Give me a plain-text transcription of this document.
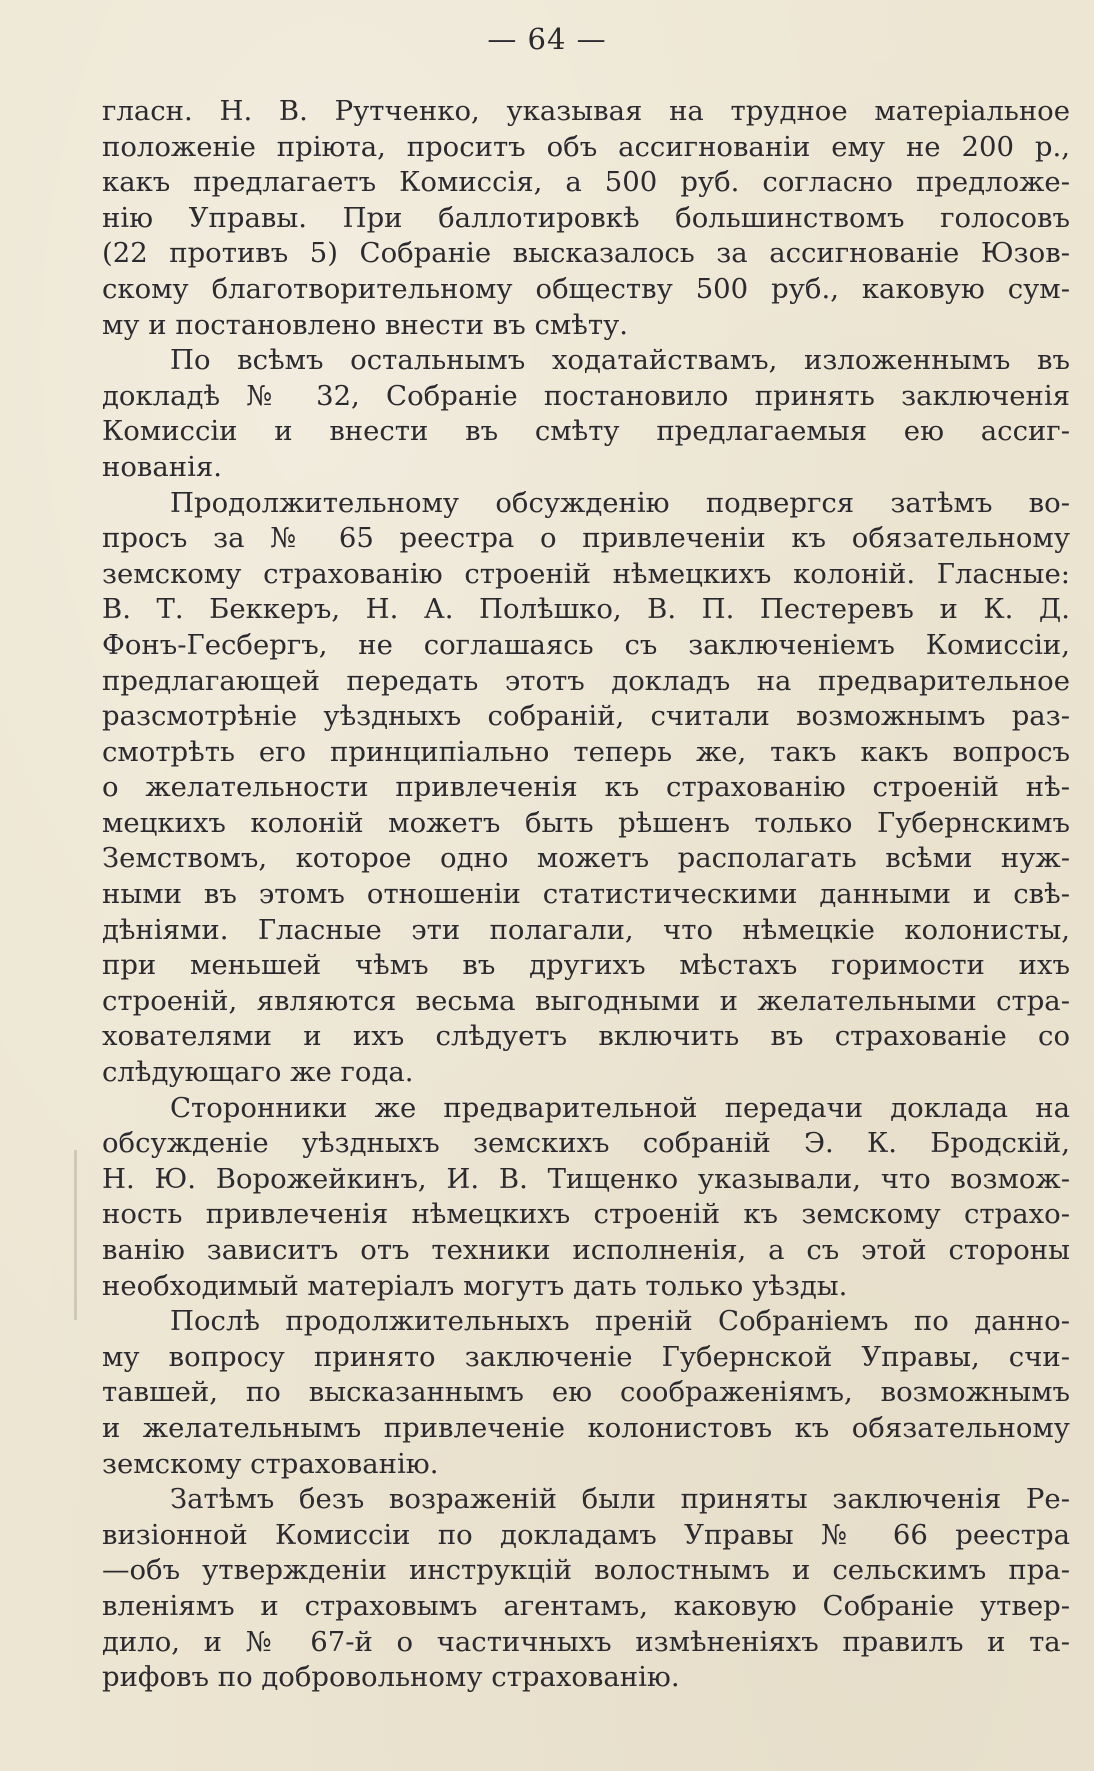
— 64 —
гласн. Н. В. Рутченко, указывая на трудное матеріальное
положеніе пріюта, проситъ объ ассигнованіи ему не 200 р.,
какъ предлагаетъ Комиссія, а 500 руб. согласно предложе-
нію Управы. При баллотировкѣ большинствомъ голосовъ
(22 противъ 5) Собраніе высказалось за ассигнованіе Юзов-
скому благотворительному обществу 500 руб., каковую сум-
му и постановлено внести въ смѣту.
По всѣмъ остальнымъ ходатайствамъ, изложеннымъ въ
докладѣ № 32, Собраніе постановило принять заключенія
Комиссіи и внести въ смѣту предлагаемыя ею ассиг-
нованія.
Продолжительному обсужденію подвергся затѣмъ во-
просъ за № 65 реестра о привлеченіи къ обязательному
земскому страхованію строеній нѣмецкихъ колоній. Гласные:
В. Т. Беккеръ, Н. А. Полѣшко, В. П. Пестеревъ и К. Д.
Фонъ-Гесбергъ, не соглашаясь съ заключеніемъ Комиссіи,
предлагающей передать этотъ докладъ на предварительное
разсмотрѣніе уѣздныхъ собраній, считали возможнымъ раз-
смотрѣть его принципіально теперь же, такъ какъ вопросъ
о желательности привлеченія къ страхованію строеній нѣ-
мецкихъ колоній можетъ быть рѣшенъ только Губернскимъ
Земствомъ, которое одно можетъ располагать всѣми нуж-
ными въ этомъ отношеніи статистическими данными и свѣ-
дѣніями. Гласные эти полагали, что нѣмецкіе колонисты,
при меньшей чѣмъ въ другихъ мѣстахъ горимости ихъ
строеній, являются весьма выгодными и желательными стра-
хователями и ихъ слѣдуетъ включить въ страхованіе со
слѣдующаго же года.
Сторонники же предварительной передачи доклада на
обсужденіе уѣздныхъ земскихъ собраній Э. К. Бродскій,
Н. Ю. Ворожейкинъ, И. В. Тищенко указывали, что возмож-
ность привлеченія нѣмецкихъ строеній къ земскому страхо-
ванію зависитъ отъ техники исполненія, а съ этой стороны
необходимый матеріалъ могутъ дать только уѣзды.
Послѣ продолжительныхъ преній Собраніемъ по данно-
му вопросу принято заключеніе Губернской Управы, счи-
тавшей, по высказаннымъ ею соображеніямъ, возможнымъ
и желательнымъ привлеченіе колонистовъ къ обязательному
земскому страхованію.
Затѣмъ безъ возраженій были приняты заключенія Ре-
визіонной Комиссіи по докладамъ Управы № 66 реестра
—объ утвержденіи инструкцій волостнымъ и сельскимъ пра-
вленіямъ и страховымъ агентамъ, каковую Собраніе утвер-
дило, и № 67-й о частичныхъ измѣненіяхъ правилъ и та-
рифовъ по добровольному страхованію.
